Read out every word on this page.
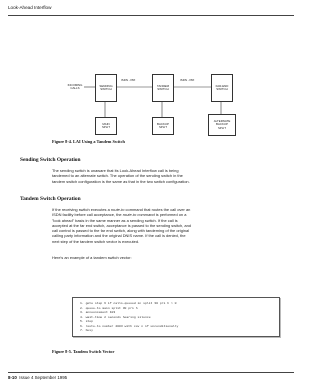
Look-Ahead Interflow
INCOMING
CALLS
SENDING
SWITCH
ISDN - PRI
TANDEM
SWITCH
ISDN - PRI
FAR-END
SWITCH
MAIN
SPLIT
BACKUP
SPLIT
ALTERNATE
BACKUP
SPLIT
Figure 8-4. LAI Using a Tandem Switch
Sending Switch Operation
The sending switch is unaware that its Look-Ahead Interflow call is being
tandemed to an alternate switch. The operation of the sending switch in the
tandem switch configuration is the same as that in the two switch configuration.
Tandem Switch Operation
If the receiving switch executes a route-to command that routes the call over an
ISDN facility before call acceptance, the route-to command is performed on a
"look ahead" basis in the same manner as a sending switch. If the call is
accepted at the far end switch, acceptance is passed to the sending switch, and
call control is passed to the far end switch, along with tandeming of the original
calling party information and the original DNIS name. If the call is denied, the
next step of the tandem switch vector is executed.
Here's an example of a tandem switch vector:
1. goto step 6 if calls-queued in split 30 pri h > 0
2. queue-to main split 30 pri h
3. announcement 103
4. wait-time 2 seconds hearing silence
5. stop
6. route-to number 4003 with cov n if unconditionally
7. busy
Figure 8-5. Tandem Switch Vector
8-10 Issue 4 September 1995
